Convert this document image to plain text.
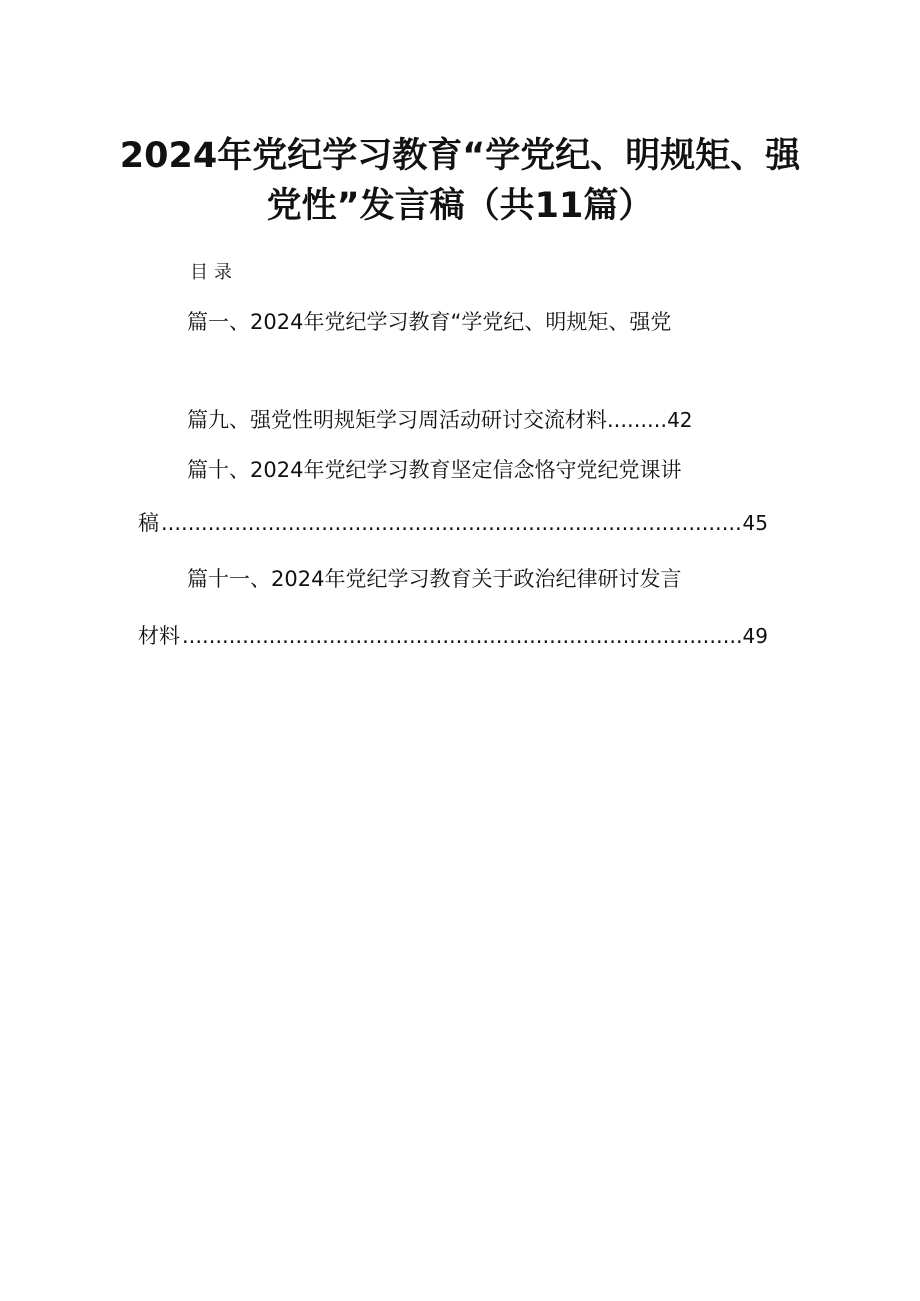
2024年党纪学习教育“学党纪、明规矩、强
党性”发言稿（共11篇）
目录
篇一、2024年党纪学习教育“学党纪、明规矩、强党
篇九、强党性明规矩学习周活动研讨交流材料.........42
篇十、2024年党纪学习教育坚定信念恪守党纪党课讲
稿 .....	45
篇十一、2024年党纪学习教育关于政治纪律研讨发言
材料 .....	49
